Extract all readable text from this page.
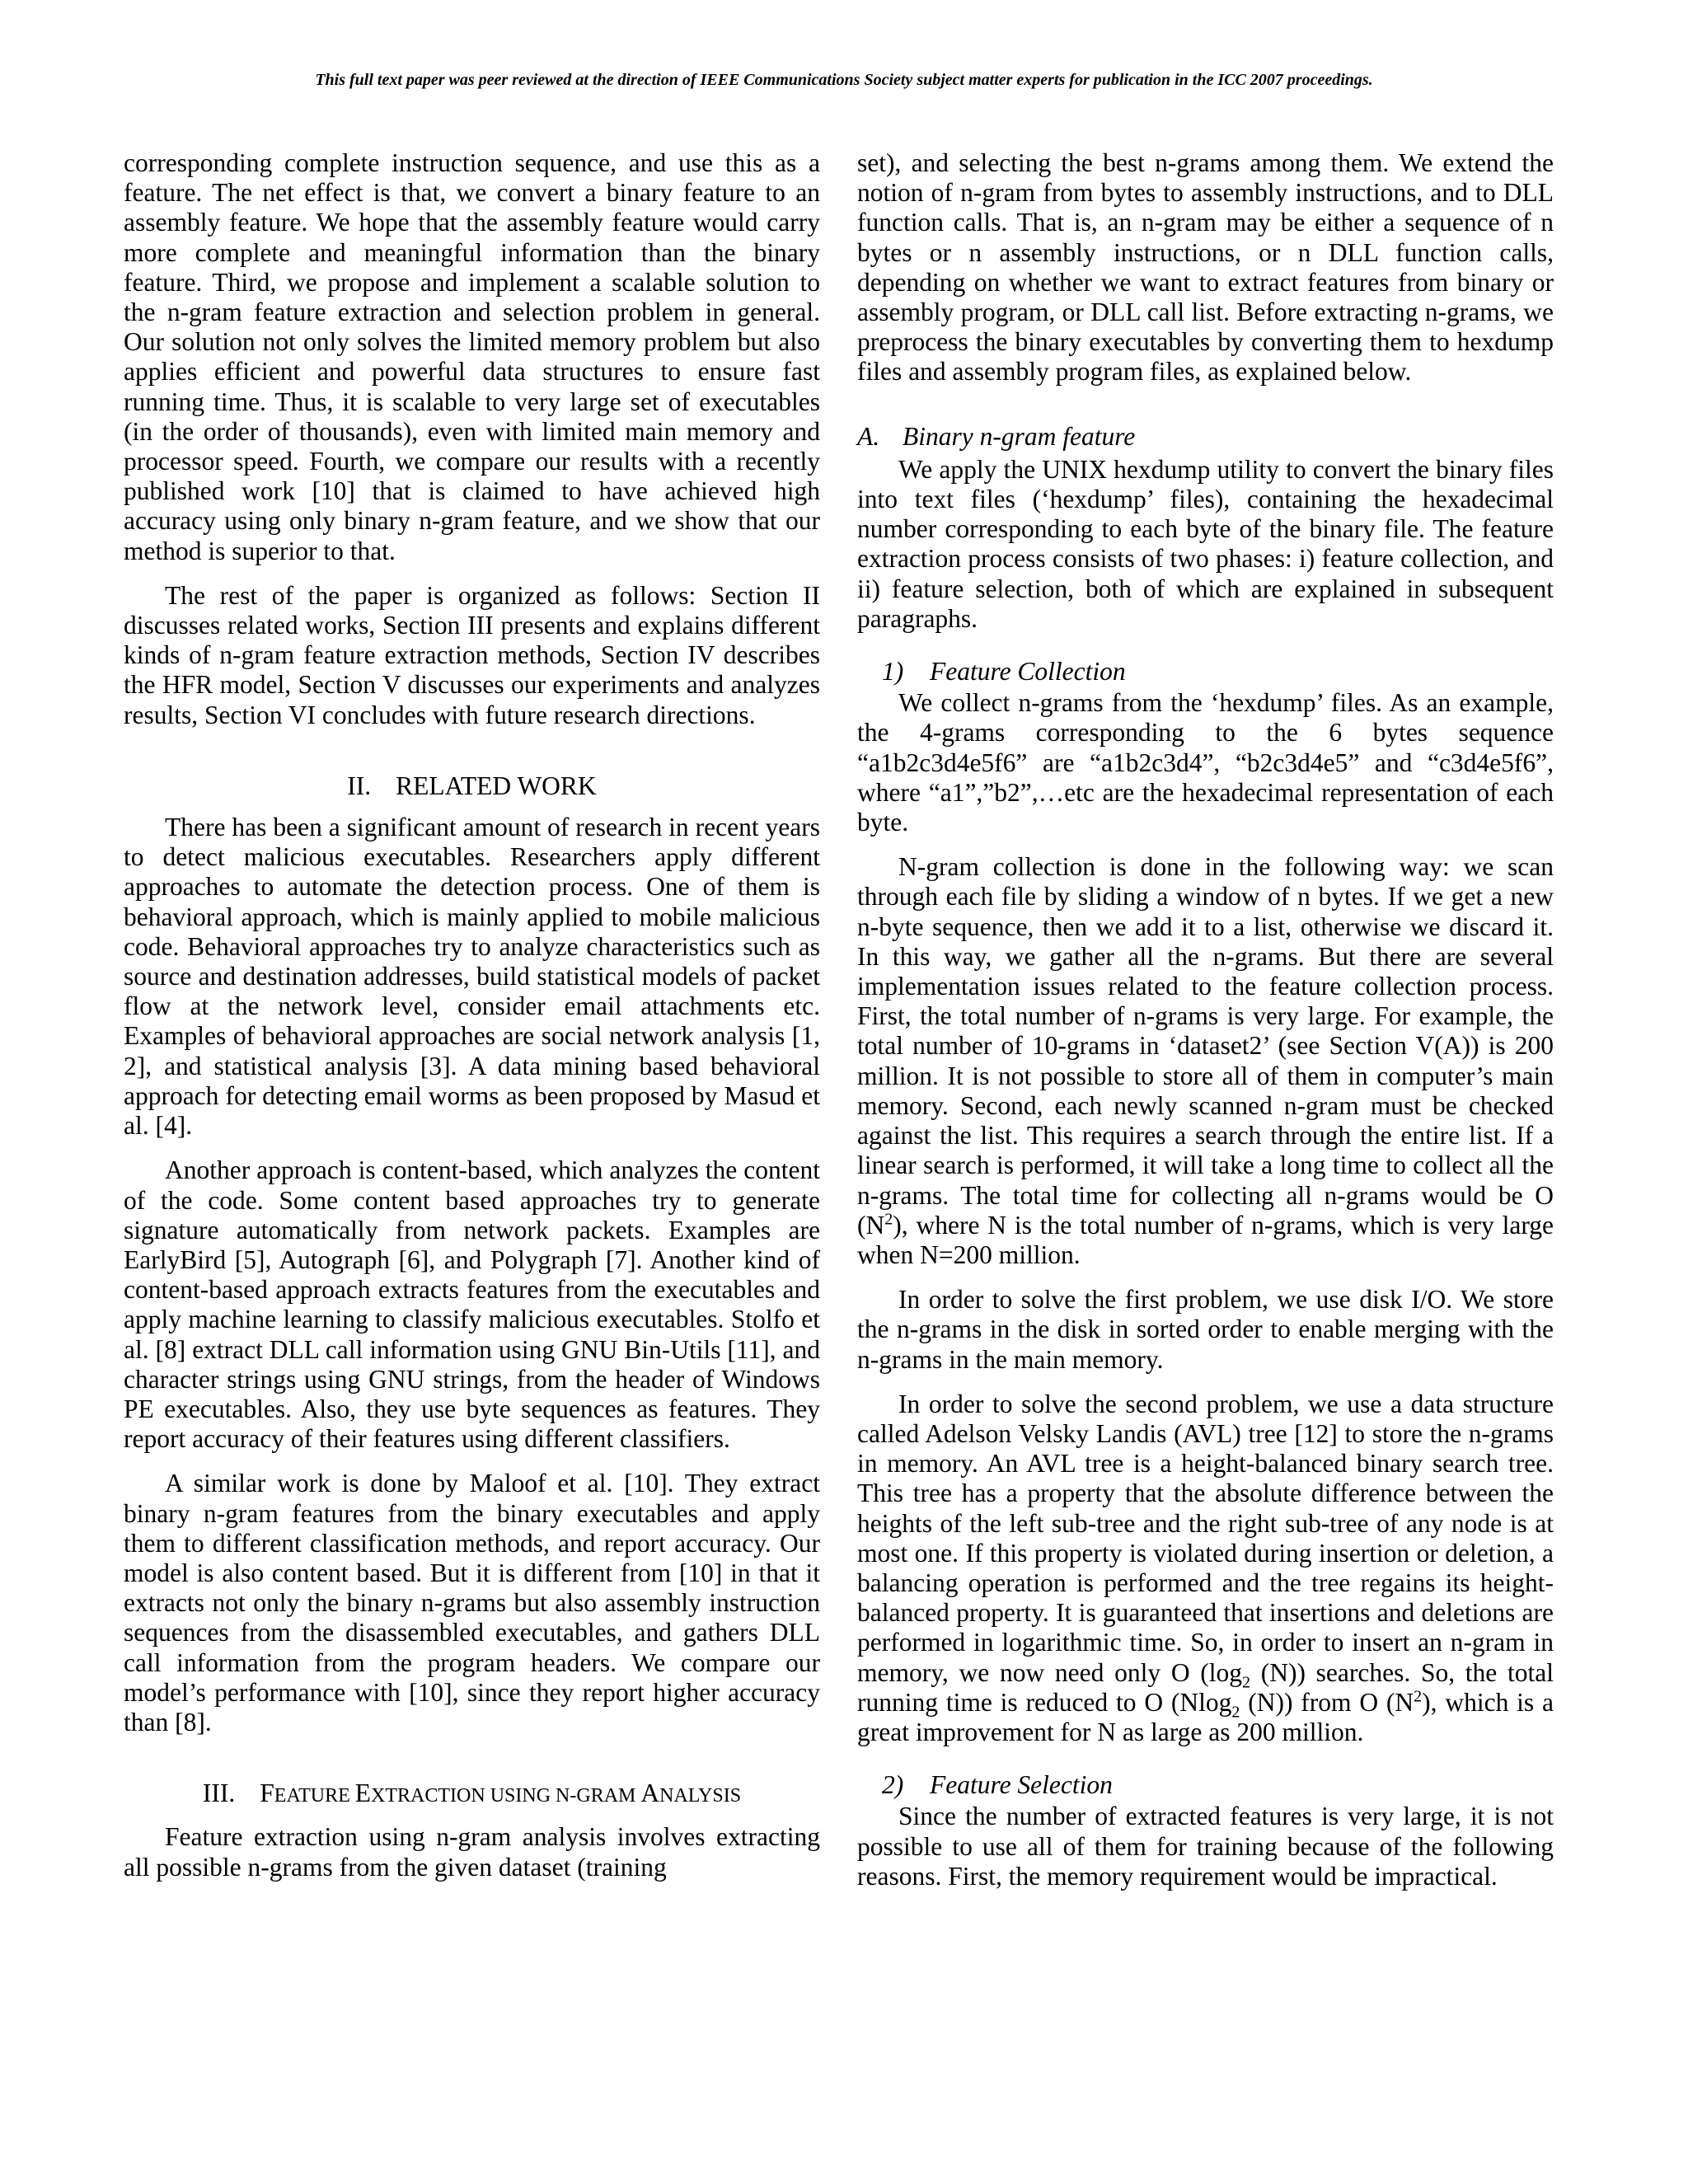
This full text paper was peer reviewed at the direction of IEEE Communications Society subject matter experts for publication in the ICC 2007 proceedings.

corresponding complete instruction sequence, and use this as a feature. The net effect is that, we convert a binary feature to an assembly feature. We hope that the assembly feature would carry more complete and meaningful information than the binary feature. Third, we propose and implement a scalable solution to the n-gram feature extraction and selection problem in general. Our solution not only solves the limited memory problem but also applies efficient and powerful data structures to ensure fast running time. Thus, it is scalable to very large set of executables (in the order of thousands), even with limited main memory and processor speed. Fourth, we compare our results with a recently published work [10] that is claimed to have achieved high accuracy using only binary n-gram feature, and we show that our method is superior to that.

The rest of the paper is organized as follows: Section II discusses related works, Section III presents and explains different kinds of n-gram feature extraction methods, Section IV describes the HFR model, Section V discusses our experiments and analyzes results, Section VI concludes with future research directions.

II. RELATED WORK

There has been a significant amount of research in recent years to detect malicious executables. Researchers apply different approaches to automate the detection process. One of them is behavioral approach, which is mainly applied to mobile malicious code. Behavioral approaches try to analyze characteristics such as source and destination addresses, build statistical models of packet flow at the network level, consider email attachments etc. Examples of behavioral approaches are social network analysis [1, 2], and statistical analysis [3]. A data mining based behavioral approach for detecting email worms as been proposed by Masud et al. [4].

Another approach is content-based, which analyzes the content of the code. Some content based approaches try to generate signature automatically from network packets. Examples are EarlyBird [5], Autograph [6], and Polygraph [7]. Another kind of content-based approach extracts features from the executables and apply machine learning to classify malicious executables. Stolfo et al. [8] extract DLL call information using GNU Bin-Utils [11], and character strings using GNU strings, from the header of Windows PE executables. Also, they use byte sequences as features. They report accuracy of their features using different classifiers.

A similar work is done by Maloof et al. [10]. They extract binary n-gram features from the binary executables and apply them to different classification methods, and report accuracy. Our model is also content based. But it is different from [10] in that it extracts not only the binary n-grams but also assembly instruction sequences from the disassembled executables, and gathers DLL call information from the program headers. We compare our model’s performance with [10], since they report higher accuracy than [8].

III. FEATURE EXTRACTION USING N-GRAM ANALYSIS

Feature extraction using n-gram analysis involves extracting all possible n-grams from the given dataset (training

set), and selecting the best n-grams among them. We extend the notion of n-gram from bytes to assembly instructions, and to DLL function calls. That is, an n-gram may be either a sequence of n bytes or n assembly instructions, or n DLL function calls, depending on whether we want to extract features from binary or assembly program, or DLL call list. Before extracting n-grams, we preprocess the binary executables by converting them to hexdump files and assembly program files, as explained below.

A. Binary n-gram feature

We apply the UNIX hexdump utility to convert the binary files into text files (‘hexdump’ files), containing the hexadecimal number corresponding to each byte of the binary file. The feature extraction process consists of two phases: i) feature collection, and ii) feature selection, both of which are explained in subsequent paragraphs.

1) Feature Collection

We collect n-grams from the ‘hexdump’ files. As an example, the 4-grams corresponding to the 6 bytes sequence “a1b2c3d4e5f6” are “a1b2c3d4”, “b2c3d4e5” and “c3d4e5f6”, where “a1”,”b2”,…etc are the hexadecimal representation of each byte.

N-gram collection is done in the following way: we scan through each file by sliding a window of n bytes. If we get a new n-byte sequence, then we add it to a list, otherwise we discard it. In this way, we gather all the n-grams. But there are several implementation issues related to the feature collection process. First, the total number of n-grams is very large. For example, the total number of 10-grams in ‘dataset2’ (see Section V(A)) is 200 million. It is not possible to store all of them in computer’s main memory. Second, each newly scanned n-gram must be checked against the list. This requires a search through the entire list. If a linear search is performed, it will take a long time to collect all the n-grams. The total time for collecting all n-grams would be O $(N^2)$, where N is the total number of n-grams, which is very large when N=200 million.

In order to solve the first problem, we use disk I/O. We store the n-grams in the disk in sorted order to enable merging with the n-grams in the main memory.

In order to solve the second problem, we use a data structure called Adelson Velsky Landis (AVL) tree [12] to store the n-grams in memory. An AVL tree is a height-balanced binary search tree. This tree has a property that the absolute difference between the heights of the left sub-tree and the right sub-tree of any node is at most one. If this property is violated during insertion or deletion, a balancing operation is performed and the tree regains its height-balanced property. It is guaranteed that insertions and deletions are performed in logarithmic time. So, in order to insert an n-gram in memory, we now need only O ($\log_2$ (N)) searches. So, the total running time is reduced to O (Nlog$_2$ (N)) from O $(N^2)$, which is a great improvement for N as large as 200 million.

2) Feature Selection

Since the number of extracted features is very large, it is not possible to use all of them for training because of the following reasons. First, the memory requirement would be impractical.
